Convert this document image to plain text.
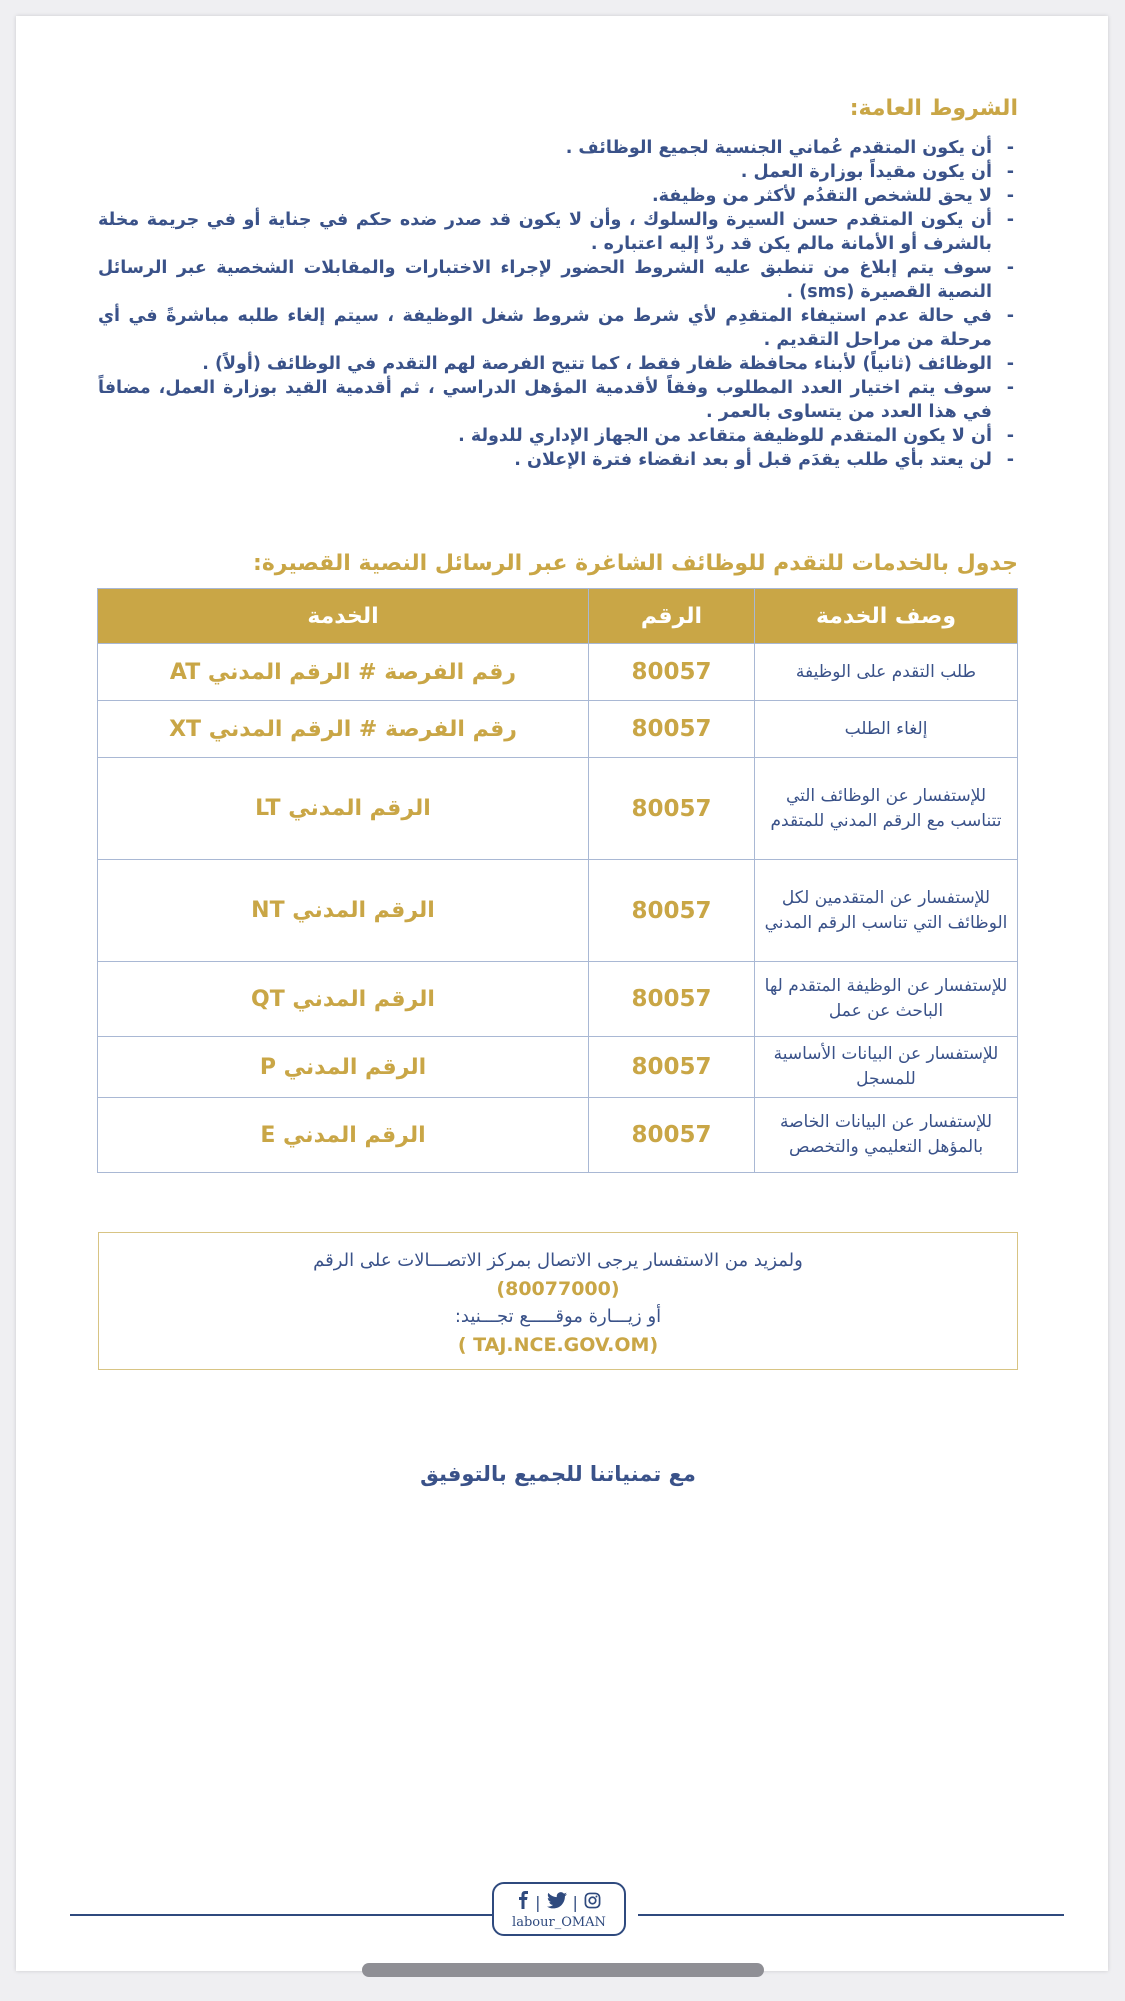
الشروط العامة:
- أن يكون المتقدم عُماني الجنسية لجميع الوظائف .
- أن يكون مقيداً بوزارة العمل .
- لا يحق للشخص التقدُم لأكثر من وظيفة.
- أن يكون المتقدم حسن السيرة والسلوك ، وأن لا يكون قد صدر ضده حكم في جناية أو في جريمة مخلة بالشرف أو الأمانة مالم يكن قد ردّ إليه اعتباره .
- سوف يتم إبلاغ من تنطبق عليه الشروط الحضور لإجراء الاختبارات والمقابلات الشخصية عبر الرسائل النصية القصيرة (sms) .
- في حالة عدم استيفاء المتقدِم لأي شرط من شروط شغل الوظيفة ، سيتم إلغاء طلبه مباشرةً في أي مرحلة من مراحل التقديم .
- الوظائف (ثانياً) لأبناء محافظة ظفار فقط ، كما تتيح الفرصة لهم التقدم في الوظائف (أولاً) .
- سوف يتم اختيار العدد المطلوب وفقاً لأقدمية المؤهل الدراسي ، ثم أقدمية القيد بوزارة العمل، مضافاً في هذا العدد من يتساوى بالعمر .
- أن لا يكون المتقدم للوظيفة متقاعد من الجهاز الإداري للدولة .
- لن يعتد بأي طلب يقدَم قبل أو بعد انقضاء فترة الإعلان .
جدول بالخدمات للتقدم للوظائف الشاغرة عبر الرسائل النصية القصيرة:
وصف الخدمة	الرقم	الخدمة
طلب التقدم على الوظيفة	80057	رقم الفرصة # الرقم المدني AT
إلغاء الطلب	80057	رقم الفرصة # الرقم المدني XT
للإستفسار عن الوظائف التي تتناسب مع الرقم المدني للمتقدم	80057	الرقم المدني LT
للإستفسار عن المتقدمين لكل الوظائف التي تناسب الرقم المدني	80057	الرقم المدني NT
للإستفسار عن الوظيفة المتقدم لها الباحث عن عمل	80057	الرقم المدني QT
للإستفسار عن البيانات الأساسية للمسجل	80057	الرقم المدني P
للإستفسار عن البيانات الخاصة بالمؤهل التعليمي والتخصص	80057	الرقم المدني E
ولمزيد من الاستفسار يرجى الاتصال بمركز الاتصـــالات على الرقم
(80077000)
أو زيـــارة موقـــــع تجـــنيد:
(TAJ.NCE.GOV.OM )
مع تمنياتنا للجميع بالتوفيق
| |
labour_OMAN
